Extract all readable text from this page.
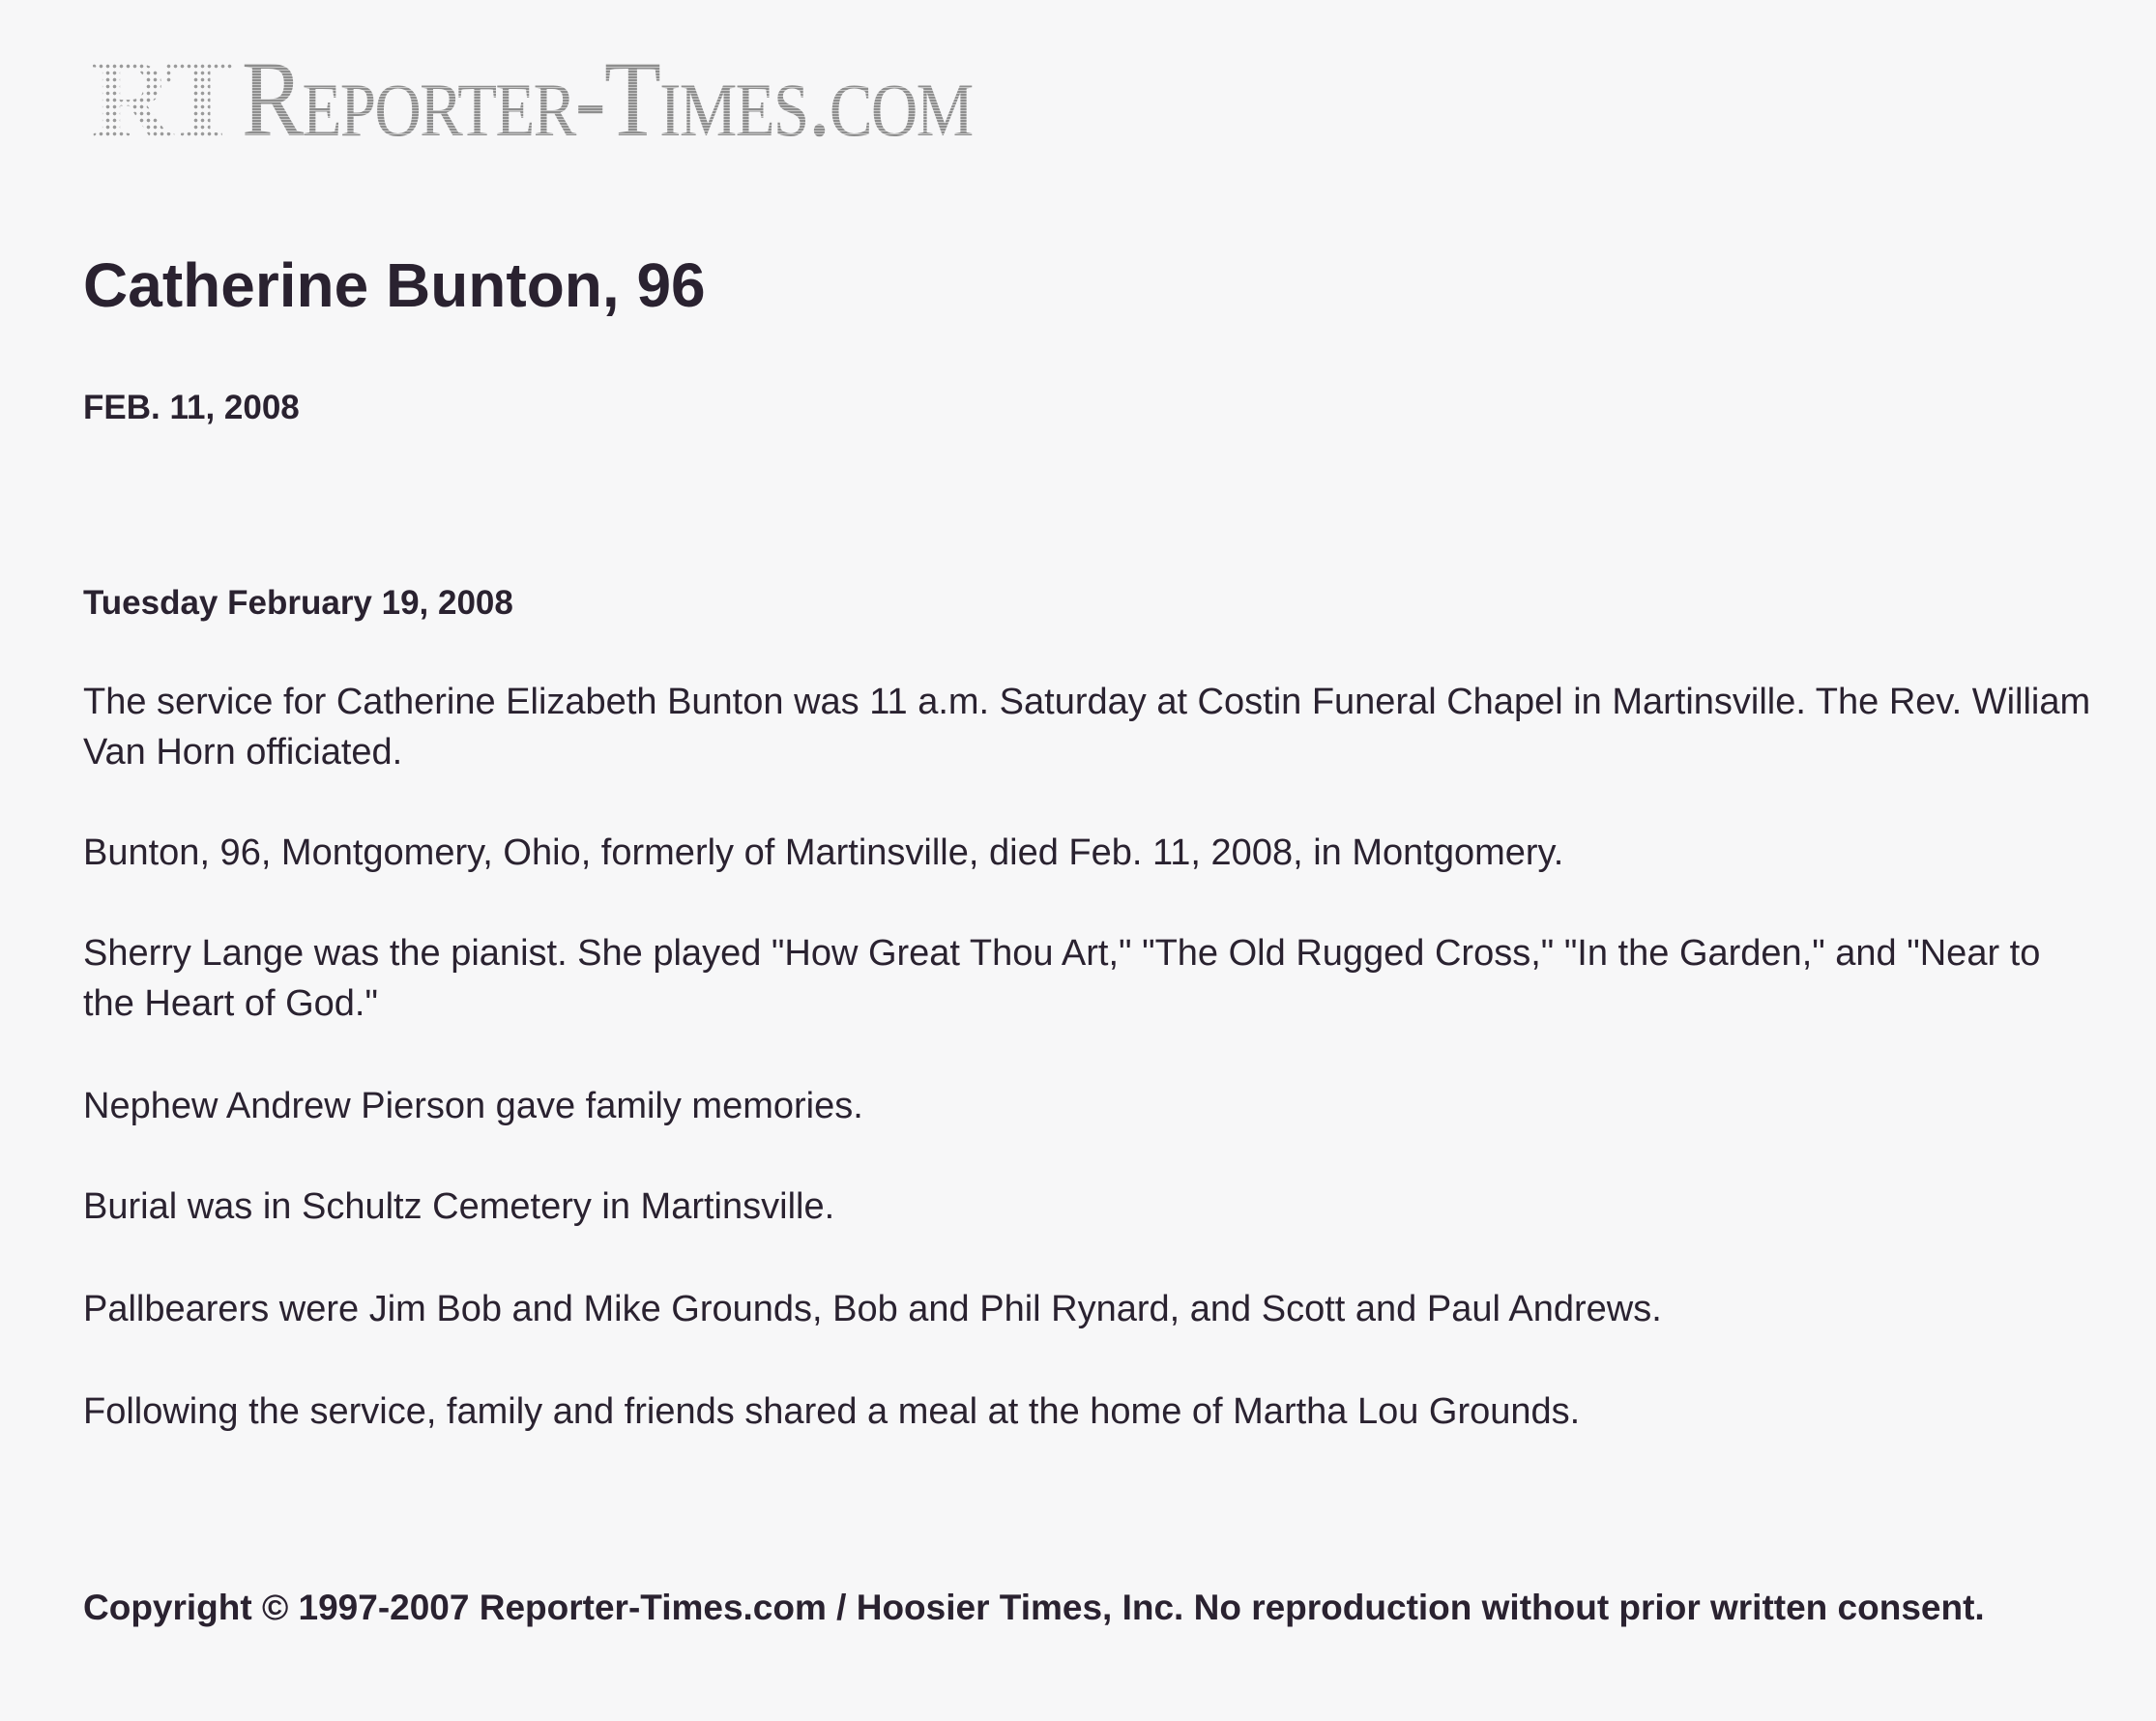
RT Reporter-Times.com
Catherine Bunton, 96

FEB. 11, 2008

Tuesday February 19, 2008

The service for Catherine Elizabeth Bunton was 11 a.m. Saturday at Costin Funeral Chapel in Martinsville. The Rev. William Van Horn officiated.

Bunton, 96, Montgomery, Ohio, formerly of Martinsville, died Feb. 11, 2008, in Montgomery.

Sherry Lange was the pianist. She played "How Great Thou Art," "The Old Rugged Cross," "In the Garden," and "Near to the Heart of God."

Nephew Andrew Pierson gave family memories.

Burial was in Schultz Cemetery in Martinsville.

Pallbearers were Jim Bob and Mike Grounds, Bob and Phil Rynard, and Scott and Paul Andrews.

Following the service, family and friends shared a meal at the home of Martha Lou Grounds.

Copyright © 1997-2007 Reporter-Times.com / Hoosier Times, Inc. No reproduction without prior written consent.
